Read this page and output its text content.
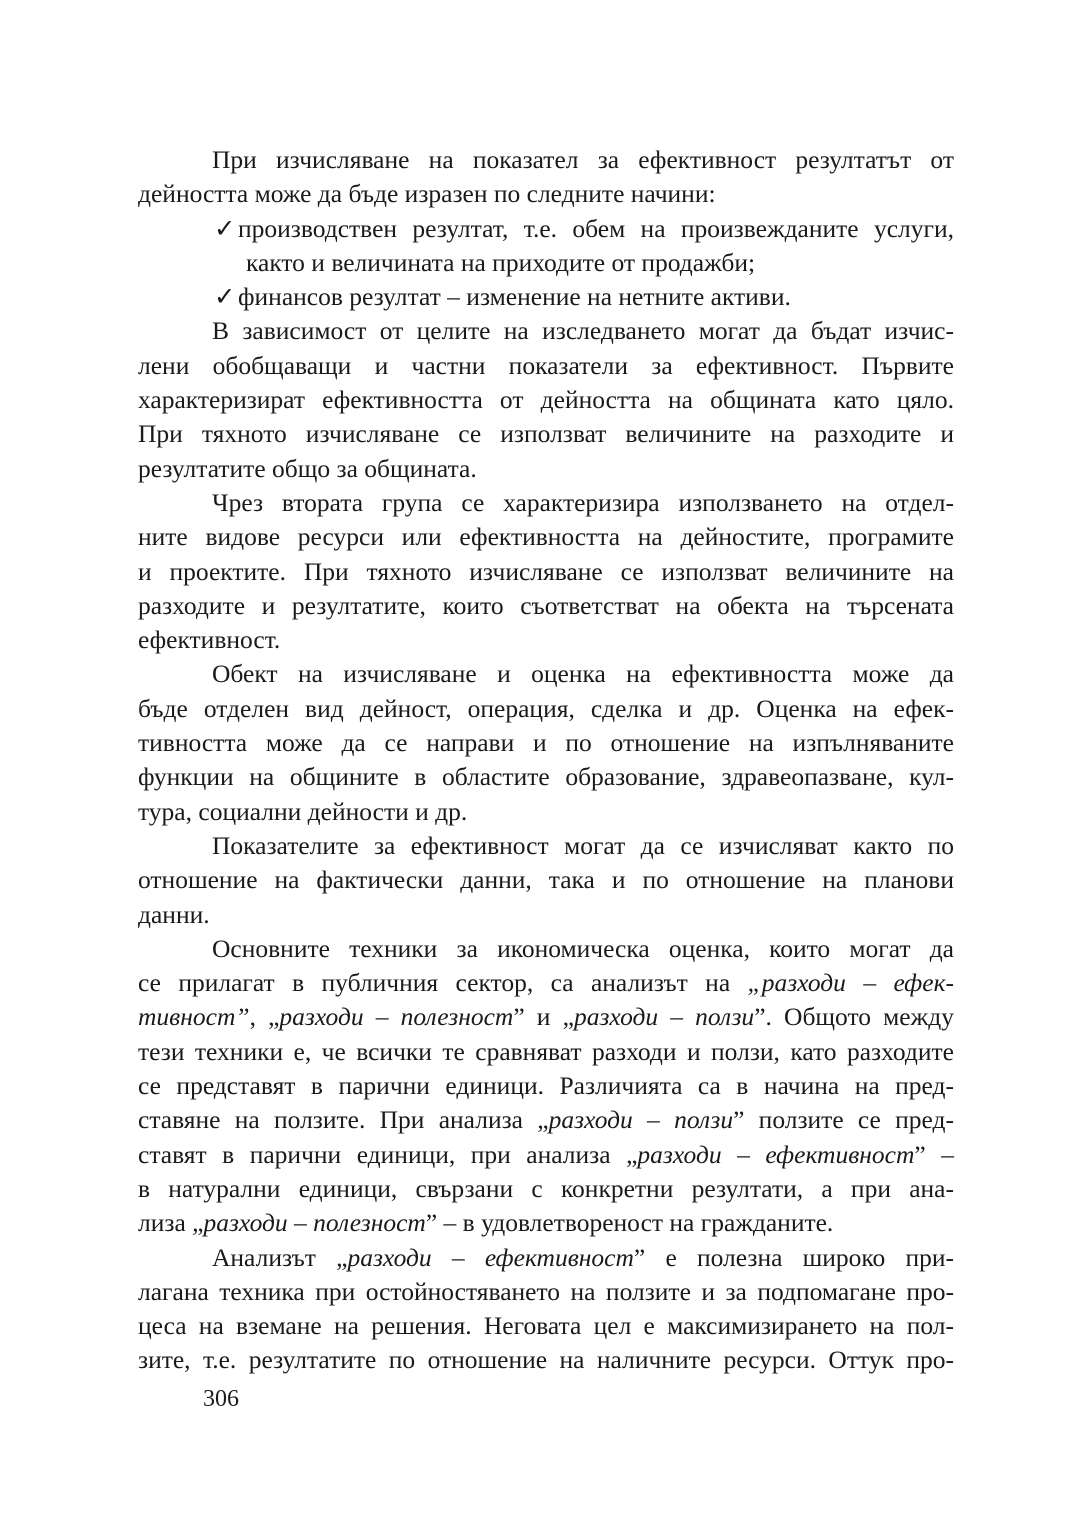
При изчисляване на показател за ефективност резултатът от
дейността може да бъде изразен по следните начини:
✓ производствен резултат, т.е. обем на произвежданите услуги,
както и величината на приходите от продажби;
✓ финансов резултат – изменение на нетните активи.
В зависимост от целите на изследването могат да бъдат изчис-
лени обобщаващи и частни показатели за ефективност. Първите
характеризират ефективността от дейността на общината като цяло.
При тяхното изчисляване се използват величините на разходите и
резултатите общо за общината.
Чрез втората група се характеризира използването на отдел-
ните видове ресурси или ефективността на дейностите, програмите
и проектите. При тяхното изчисляване се използват величините на
разходите и резултатите, които съответстват на обекта на търсената
ефективност.
Обект на изчисляване и оценка на ефективността може да
бъде отделен вид дейност, операция, сделка и др. Оценка на ефек-
тивността може да се направи и по отношение на изпълняваните
функции на общините в областите образование, здравеопазване, кул-
тура, социални дейности и др.
Показателите за ефективност могат да се изчисляват както по
отношение на фактически данни, така и по отношение на планови
данни.
Основните техники за икономическа оценка, които могат да
се прилагат в публичния сектор, са анализът на „разходи – ефек-
тивност”, „разходи – полезност” и „разходи – ползи”. Общото между
тези техники е, че всички те сравняват разходи и ползи, като разходите
се представят в парични единици. Различията са в начина на пред-
ставяне на ползите. При анализа „разходи – ползи” ползите се пред-
ставят в парични единици, при анализа „разходи – ефективност” –
в натурални единици, свързани с конкретни резултати, а при ана-
лиза „разходи – полезност” – в удовлетвореност на гражданите.
Анализът „разходи – ефективност” е полезна широко при-
лагана техника при остойностяването на ползите и за подпомагане про-
цеса на вземане на решения. Неговата цел е максимизирането на пол-
зите, т.е. резултатите по отношение на наличните ресурси. Оттук про-
306
